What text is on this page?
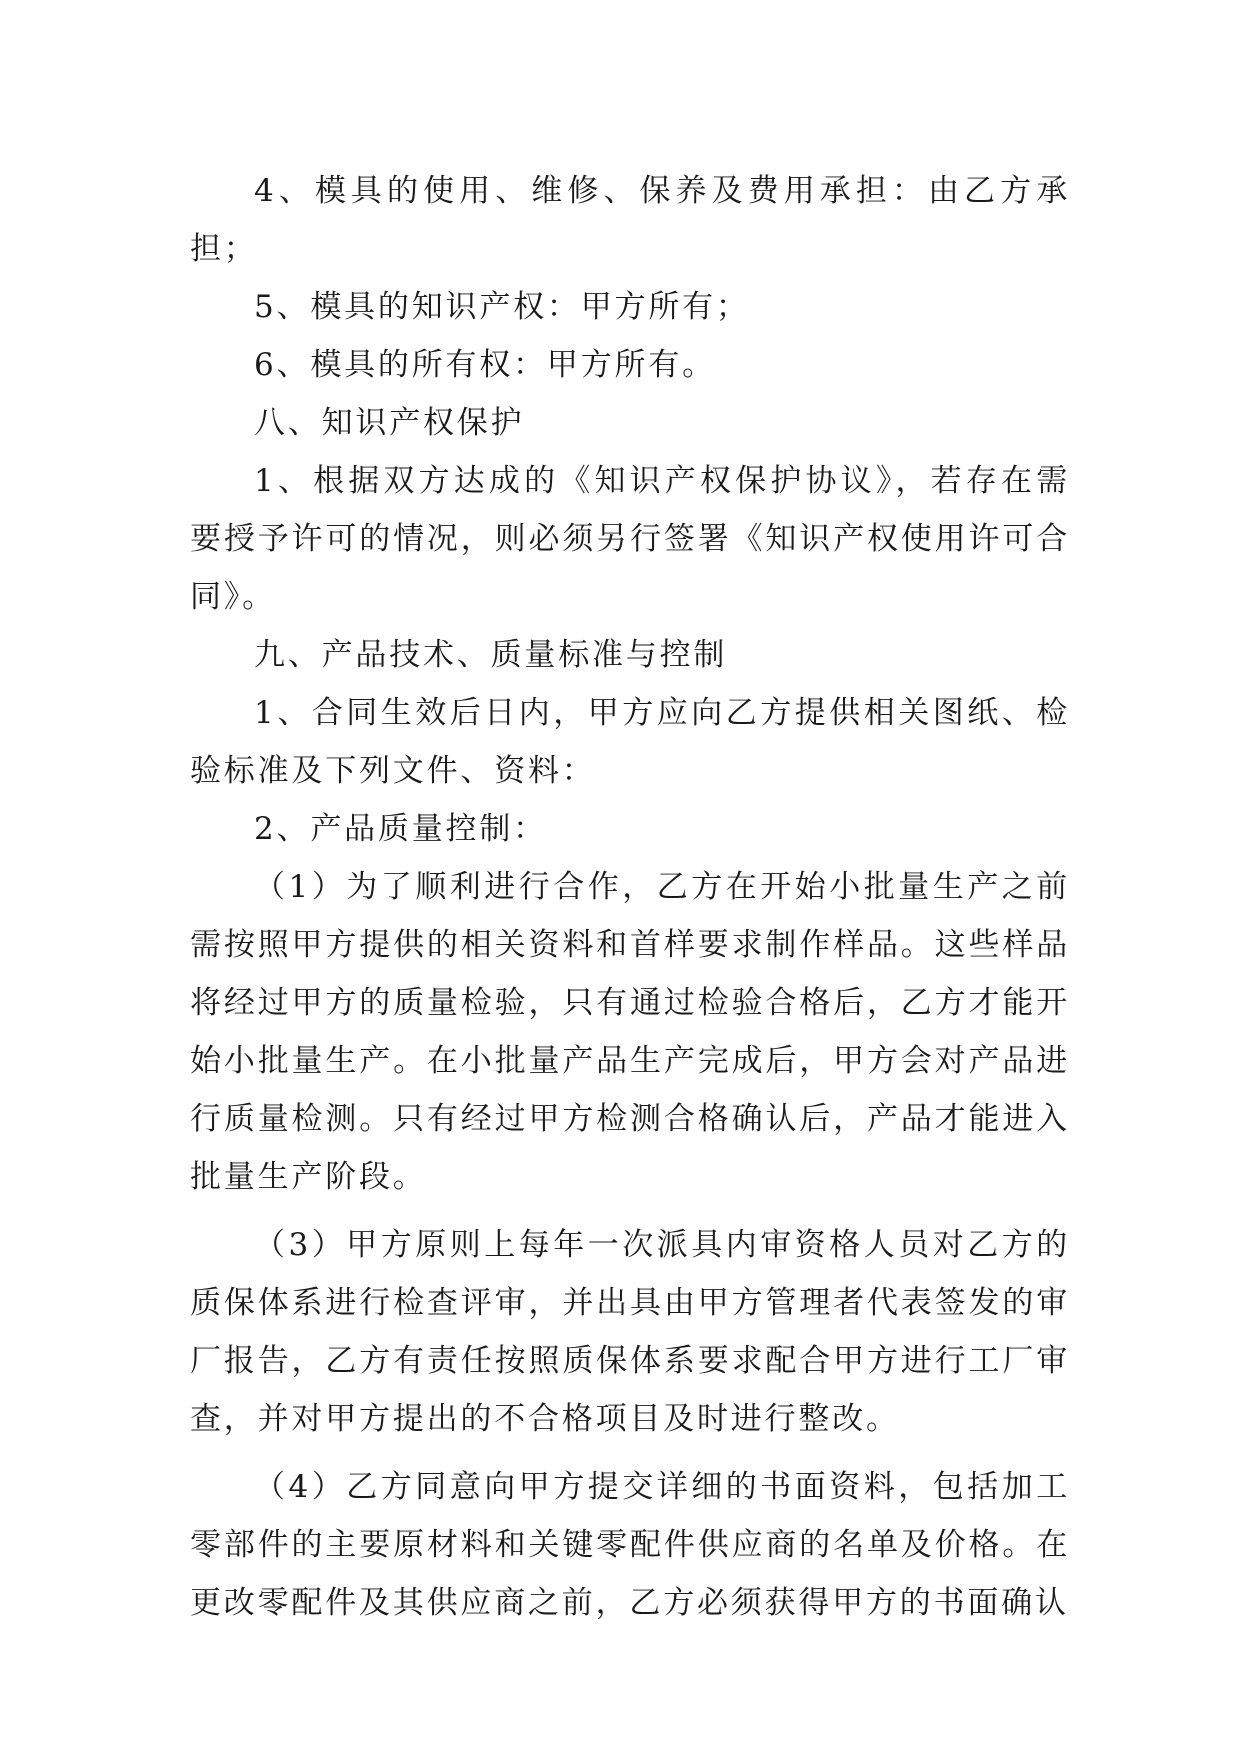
4、模具的使用、维修、保养及费用承担：由乙方承担；

5、模具的知识产权：甲方所有；

6、模具的所有权：甲方所有。

八、知识产权保护

1、根据双方达成的《知识产权保护协议》，若存在需要授予许可的情况，则必须另行签署《知识产权使用许可合同》。

九、产品技术、质量标准与控制

1、合同生效后日内，甲方应向乙方提供相关图纸、检验标准及下列文件、资料：

2、产品质量控制：

（1）为了顺利进行合作，乙方在开始小批量生产之前需按照甲方提供的相关资料和首样要求制作样品。这些样品将经过甲方的质量检验，只有通过检验合格后，乙方才能开始小批量生产。在小批量产品生产完成后，甲方会对产品进行质量检测。只有经过甲方检测合格确认后，产品才能进入批量生产阶段。

（3）甲方原则上每年一次派具内审资格人员对乙方的质保体系进行检查评审，并出具由甲方管理者代表签发的审厂报告，乙方有责任按照质保体系要求配合甲方进行工厂审查，并对甲方提出的不合格项目及时进行整改。

（4）乙方同意向甲方提交详细的书面资料，包括加工零部件的主要原材料和关键零配件供应商的名单及价格。在更改零配件及其供应商之前，乙方必须获得甲方的书面确认
